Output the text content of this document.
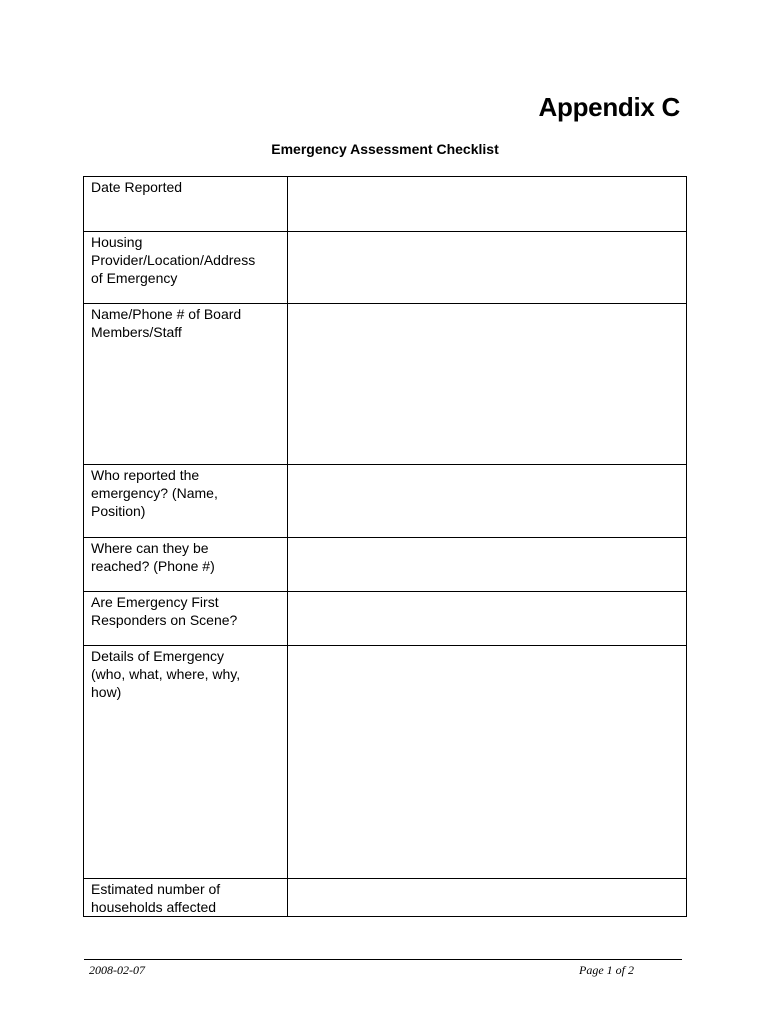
Appendix C
Emergency Assessment Checklist
Date Reported	
Housing
Provider/Location/Address
of Emergency	
Name/Phone # of Board
Members/Staff	
Who reported the
emergency? (Name,
Position)	
Where can they be
reached? (Phone #)	
Are Emergency First
Responders on Scene?	
Details of Emergency
(who, what, where, why,
how)	
Estimated number of
households affected	
2008-02-07	Page 1 of 2
